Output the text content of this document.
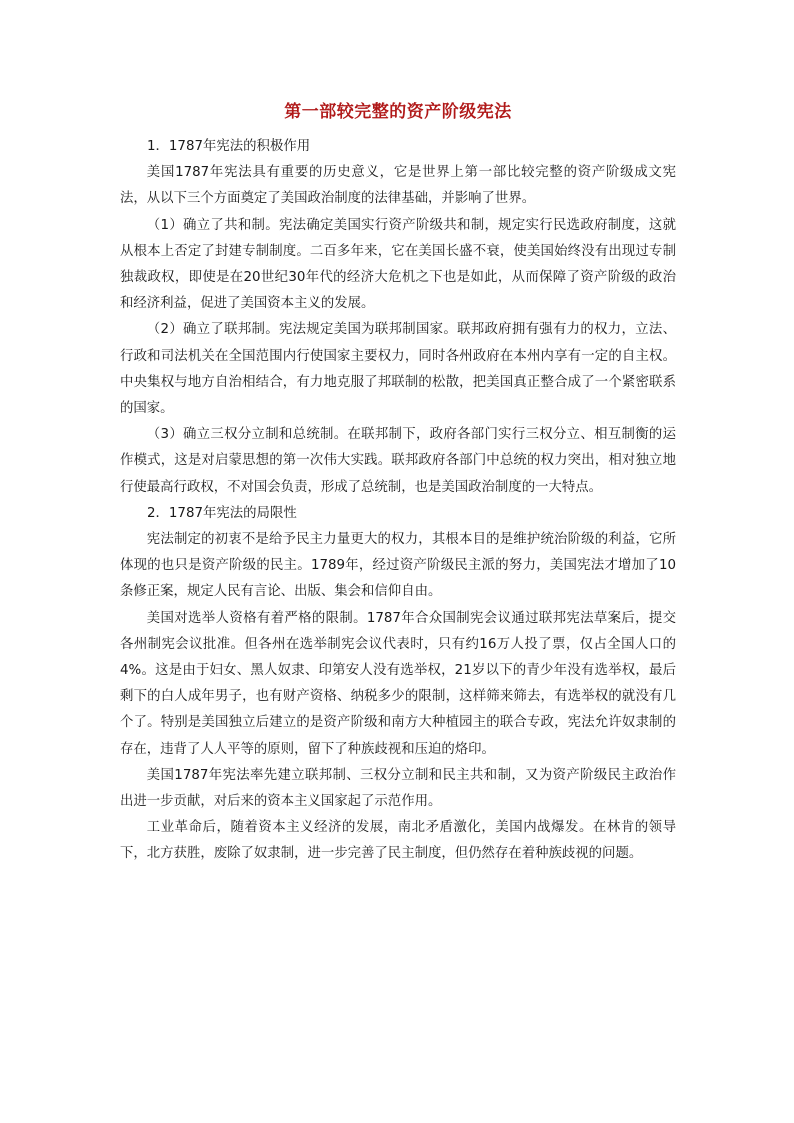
第一部较完整的资产阶级宪法

1．1787年宪法的积极作用

美国1787年宪法具有重要的历史意义，它是世界上第一部比较完整的资产阶级成文宪法，从以下三个方面奠定了美国政治制度的法律基础，并影响了世界。

（1）确立了共和制。宪法确定美国实行资产阶级共和制，规定实行民选政府制度，这就从根本上否定了封建专制制度。二百多年来，它在美国长盛不衰，使美国始终没有出现过专制独裁政权，即使是在20世纪30年代的经济大危机之下也是如此，从而保障了资产阶级的政治和经济利益，促进了美国资本主义的发展。

（2）确立了联邦制。宪法规定美国为联邦制国家。联邦政府拥有强有力的权力，立法、行政和司法机关在全国范围内行使国家主要权力，同时各州政府在本州内享有一定的自主权。中央集权与地方自治相结合，有力地克服了邦联制的松散，把美国真正整合成了一个紧密联系的国家。

（3）确立三权分立制和总统制。在联邦制下，政府各部门实行三权分立、相互制衡的运作模式，这是对启蒙思想的第一次伟大实践。联邦政府各部门中总统的权力突出，相对独立地行使最高行政权，不对国会负责，形成了总统制，也是美国政治制度的一大特点。

2．1787年宪法的局限性

宪法制定的初衷不是给予民主力量更大的权力，其根本目的是维护统治阶级的利益，它所体现的也只是资产阶级的民主。1789年，经过资产阶级民主派的努力，美国宪法才增加了10条修正案，规定人民有言论、出版、集会和信仰自由。

美国对选举人资格有着严格的限制。1787年合众国制宪会议通过联邦宪法草案后，提交各州制宪会议批准。但各州在选举制宪会议代表时，只有约16万人投了票，仅占全国人口的4%。这是由于妇女、黑人奴隶、印第安人没有选举权，21岁以下的青少年没有选举权，最后剩下的白人成年男子，也有财产资格、纳税多少的限制，这样筛来筛去，有选举权的就没有几个了。特别是美国独立后建立的是资产阶级和南方大种植园主的联合专政，宪法允许奴隶制的存在，违背了人人平等的原则，留下了种族歧视和压迫的烙印。

美国1787年宪法率先建立联邦制、三权分立制和民主共和制，又为资产阶级民主政治作出进一步贡献，对后来的资本主义国家起了示范作用。

工业革命后，随着资本主义经济的发展，南北矛盾激化，美国内战爆发。在林肯的领导下，北方获胜，废除了奴隶制，进一步完善了民主制度，但仍然存在着种族歧视的问题。
